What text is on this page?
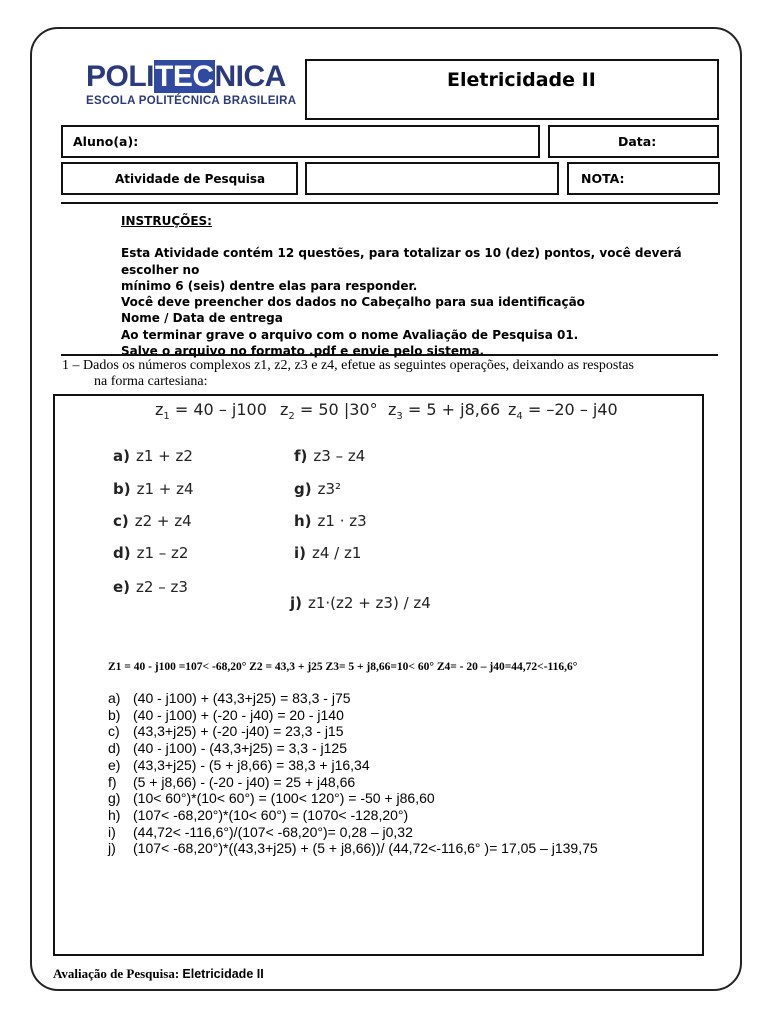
POLITECNICA
ESCOLA POLITÉCNICA BRASILEIRA
Eletricidade II
Aluno(a):	Data:
Atividade de Pesquisa	NOTA:
INSTRUÇÕES:
Esta Atividade contém 12 questões, para totalizar os 10 (dez) pontos, você deverá escolher no
mínimo 6 (seis) dentre elas para responder.
Você deve preencher dos dados no Cabeçalho para sua identificação
Nome / Data de entrega
Ao terminar grave o arquivo com o nome Avaliação de Pesquisa 01.
Salve o arquivo no formato .pdf e envie pelo sistema.
1 – Dados os números complexos z1, z2, z3 e z4, efetue as seguintes operações, deixando as respostas
na forma cartesiana:
$z_1 = 40 - j100$ $z_2 = 50$ |30° $z_3 = 5 + j8,66$ $z_4 = -20 - j40$
a) z1 + z2
b) z1 + z4
c) z2 + z4
d) z1 – z2
e) z2 – z3
f) z3 – z4
g) z3²
h) z1 · z3
i) z4 / z1
j) z1·(z2 + z3) / z4
Z1 = 40 - j100 =107< -68,20° Z2 = 43,3 + j25 Z3= 5 + j8,66=10< 60° Z4= - 20 – j40=44,72<-116,6°
a) (40 - j100) + (43,3+j25) = 83,3 - j75
b) (40 - j100) + (-20 - j40) = 20 - j140
c) (43,3+j25) + (-20 -j40) = 23,3 - j15
d) (40 - j100) - (43,3+j25) = 3,3 - j125
e) (43,3+j25) - (5 + j8,66) = 38,3 + j16,34
f) (5 + j8,66) - (-20 - j40) = 25 + j48,66
g) (10< 60°)*(10< 60°) = (100< 120°) = -50 + j86,60
h) (107< -68,20°)*(10< 60°) = (1070< -128,20°)
i) (44,72< -116,6°)/(107< -68,20°)= 0,28 – j0,32
j) (107< -68,20°)*((43,3+j25) + (5 + j8,66))/ (44,72<-116,6° )= 17,05 – j139,75
Avaliação de Pesquisa: Eletricidade II
